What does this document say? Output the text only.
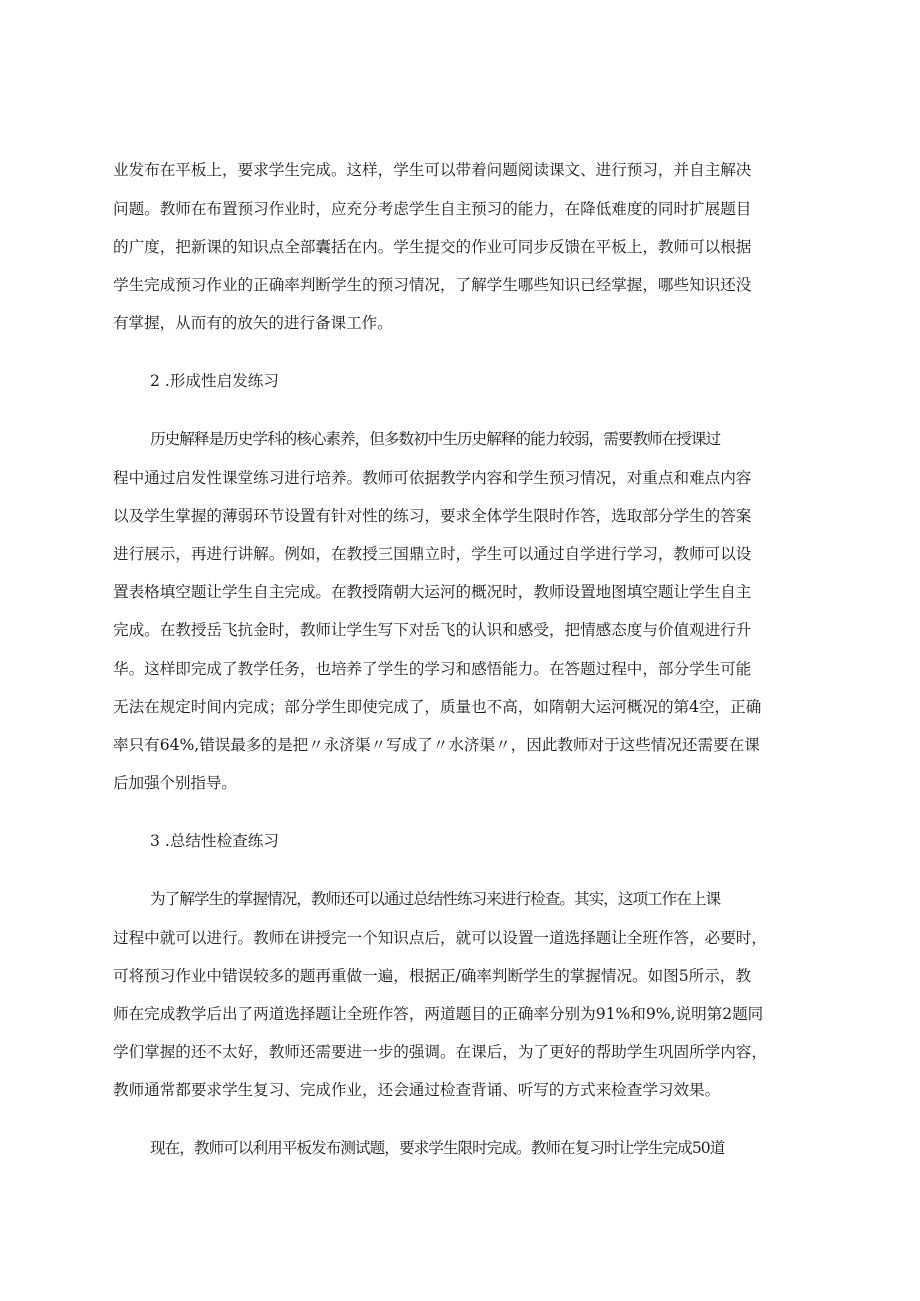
业发布在平板上，要求学生完成。这样，学生可以带着问题阅读课文、进行预习，并自主解决
问题。教师在布置预习作业时，应充分考虑学生自主预习的能力，在降低难度的同时扩展题目
的广度，把新课的知识点全部囊括在内。学生提交的作业可同步反馈在平板上，教师可以根据
学生完成预习作业的正确率判断学生的预习情况，了解学生哪些知识已经掌握，哪些知识还没
有掌握，从而有的放矢的进行备课工作。
2 .形成性启发练习
历史解释是历史学科的核心素养，但多数初中生历史解释的能力较弱，需要教师在授课过
程中通过启发性课堂练习进行培养。教师可依据教学内容和学生预习情况，对重点和难点内容
以及学生掌握的薄弱环节设置有针对性的练习，要求全体学生限时作答，选取部分学生的答案
进行展示，再进行讲解。例如，在教授三国鼎立时，学生可以通过自学进行学习，教师可以设
置表格填空题让学生自主完成。在教授隋朝大运河的概况时，教师设置地图填空题让学生自主
完成。在教授岳飞抗金时，教师让学生写下对岳飞的认识和感受，把情感态度与价值观进行升
华。这样即完成了教学任务，也培养了学生的学习和感悟能力。在答题过程中，部分学生可能
无法在规定时间内完成；部分学生即使完成了，质量也不高，如隋朝大运河概况的第4空，正确
率只有64%,错误最多的是把〃永济渠〃写成了〃水济渠〃，因此教师对于这些情况还需要在课
后加强个别指导。
3 .总结性检查练习
为了解学生的掌握情况，教师还可以通过总结性练习来进行检查。其实，这项工作在上课
过程中就可以进行。教师在讲授完一个知识点后，就可以设置一道选择题让全班作答，必要时，
可将预习作业中错误较多的题再重做一遍，根据正/确率判断学生的掌握情况。如图5所示，教
师在完成教学后出了两道选择题让全班作答，两道题目的正确率分别为91%和9%,说明第2题同
学们掌握的还不太好，教师还需要进一步的强调。在课后，为了更好的帮助学生巩固所学内容，
教师通常都要求学生复习、完成作业，还会通过检查背诵、听写的方式来检查学习效果。
现在，教师可以利用平板发布测试题，要求学生限时完成。教师在复习时让学生完成50道
